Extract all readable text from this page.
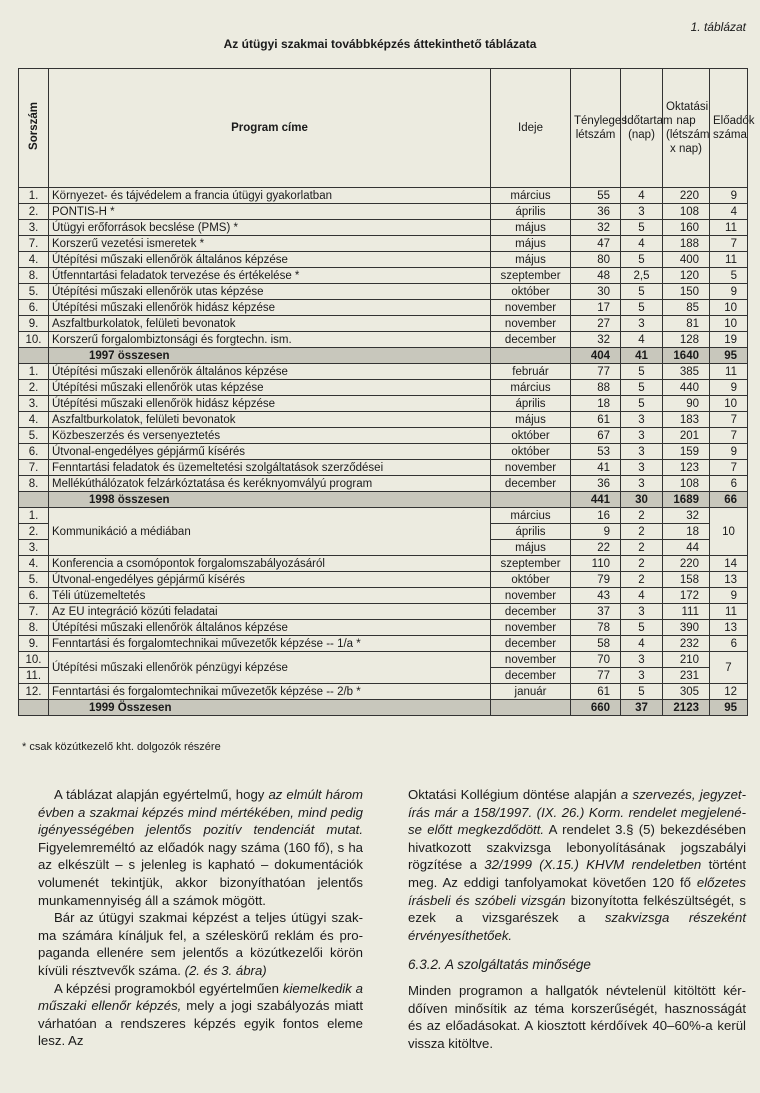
1. táblázat
Az útügyi szakmai továbbképzés áttekinthető táblázata
Sorszám	Program címe	Ideje	Tényleges létszám	Időtartam (nap)	Oktatási nap (létszám x nap)	Előadók száma
1.	Környezet- és tájvédelem a francia útügyi gyakorlatban	március	55	4	220	9
2.	PONTIS-H *	április	36	3	108	4
3.	Útügyi erőforrások becslése (PMS) *	május	32	5	160	11
7.	Korszerű vezetési ismeretek *	május	47	4	188	7
4.	Útépítési műszaki ellenőrök általános képzése	május	80	5	400	11
8.	Útfenntartási feladatok tervezése és értékelése *	szeptember	48	2,5	120	5
5.	Útépítési műszaki ellenőrök utas képzése	október	30	5	150	9
6.	Útépítési műszaki ellenőrök hidász képzése	november	17	5	85	10
9.	Aszfaltburkolatok, felületi bevonatok	november	27	3	81	10
10.	Korszerű forgalombiztonsági és forgtechn. ism.	december	32	4	128	19
	1997 összesen		404	41	1640	95
1.	Útépítési műszaki ellenőrök általános képzése	február	77	5	385	11
2.	Útépítési műszaki ellenőrök utas képzése	március	88	5	440	9
3.	Útépítési műszaki ellenőrök hidász képzése	április	18	5	90	10
4.	Aszfaltburkolatok, felületi bevonatok	május	61	3	183	7
5.	Közbeszerzés és versenyeztetés	október	67	3	201	7
6.	Útvonal-engedélyes gépjármű kísérés	október	53	3	159	9
7.	Fenntartási feladatok és üzemeltetési szolgáltatások szerződései	november	41	3	123	7
8.	Mellékúthálózatok felzárkóztatása és keréknyomvályú program	december	36	3	108	6
	1998 összesen		441	30	1689	66
1.	Kommunikáció a médiában	március	16	2	32	10
2.		április	9	2	18	
3.		május	22	2	44	
4.	Konferencia a csomópontok forgalomszabályozásáról	szeptember	110	2	220	14
5.	Útvonal-engedélyes gépjármű kísérés	október	79	2	158	13
6.	Téli útüzemeltetés	november	43	4	172	9
7.	Az EU integráció közúti feladatai	december	37	3	111	11
8.	Útépítési műszaki ellenőrök általános képzése	november	78	5	390	13
9.	Fenntartási és forgalomtechnikai művezetők képzése -- 1/a *	december	58	4	232	6
10.	Útépítési műszaki ellenőrök pénzügyi képzése	november	70	3	210	7
11.		december	77	3	231	
12.	Fenntartási és forgalomtechnikai művezetők képzése -- 2/b *	január	61	5	305	12
	1999 Összesen		660	37	2123	95
* csak közútkezelő kht. dolgozók részére

A táblázat alapján egyértelmű, hogy az elmúlt három évben a szakmai képzés mind mértékében, mind pedig igényességében jelentős pozitív tendenciát mutat. Figyelemreméltó az előadók nagy száma (160 fő), s ha az elkészült – s jelenleg is kapható – dokumentációk volumenét tekintjük, akkor bizonyíthatóan jelentős munkamennyiség áll a számok mögött.

Bár az útügyi szakmai képzést a teljes útügyi szakma számára kínáljuk fel, a széleskörű reklám és propaganda ellenére sem jelentős a közútkezelői körön kívüli résztvevők száma. (2. és 3. ábra)

A képzési programokból egyértelműen kiemelkedik a műszaki ellenőr képzés, mely a jogi szabályozás miatt várhatóan a rendszeres képzés egyik fontos eleme lesz. Az

Oktatási Kollégium döntése alapján a szervezés, jegyzetírás már a 158/1997. (IX. 26.) Korm. rendelet megjelenése előtt megkezdődött. A rendelet 3.§ (5) bekezdésében hivatkozott szakvizsga lebonyolításának jogszabályi rögzítése a 32/1999 (X.15.) KHVM rendeletben történt meg. Az eddigi tanfolyamokat követően 120 fő előzetes írásbeli és szóbeli vizsgán bizonyította felkészültségét, s ezek a vizsgarészek a szakvizsga részeként érvényesíthetőek.

6.3.2. A szolgáltatás minősége

Minden programon a hallgatók névtelenül kitöltött kérdőíven minősítik az téma korszerűségét, hasznosságát és az előadásokat. A kiosztott kérdőívek 40–60%-a kerül vissza kitöltve.
